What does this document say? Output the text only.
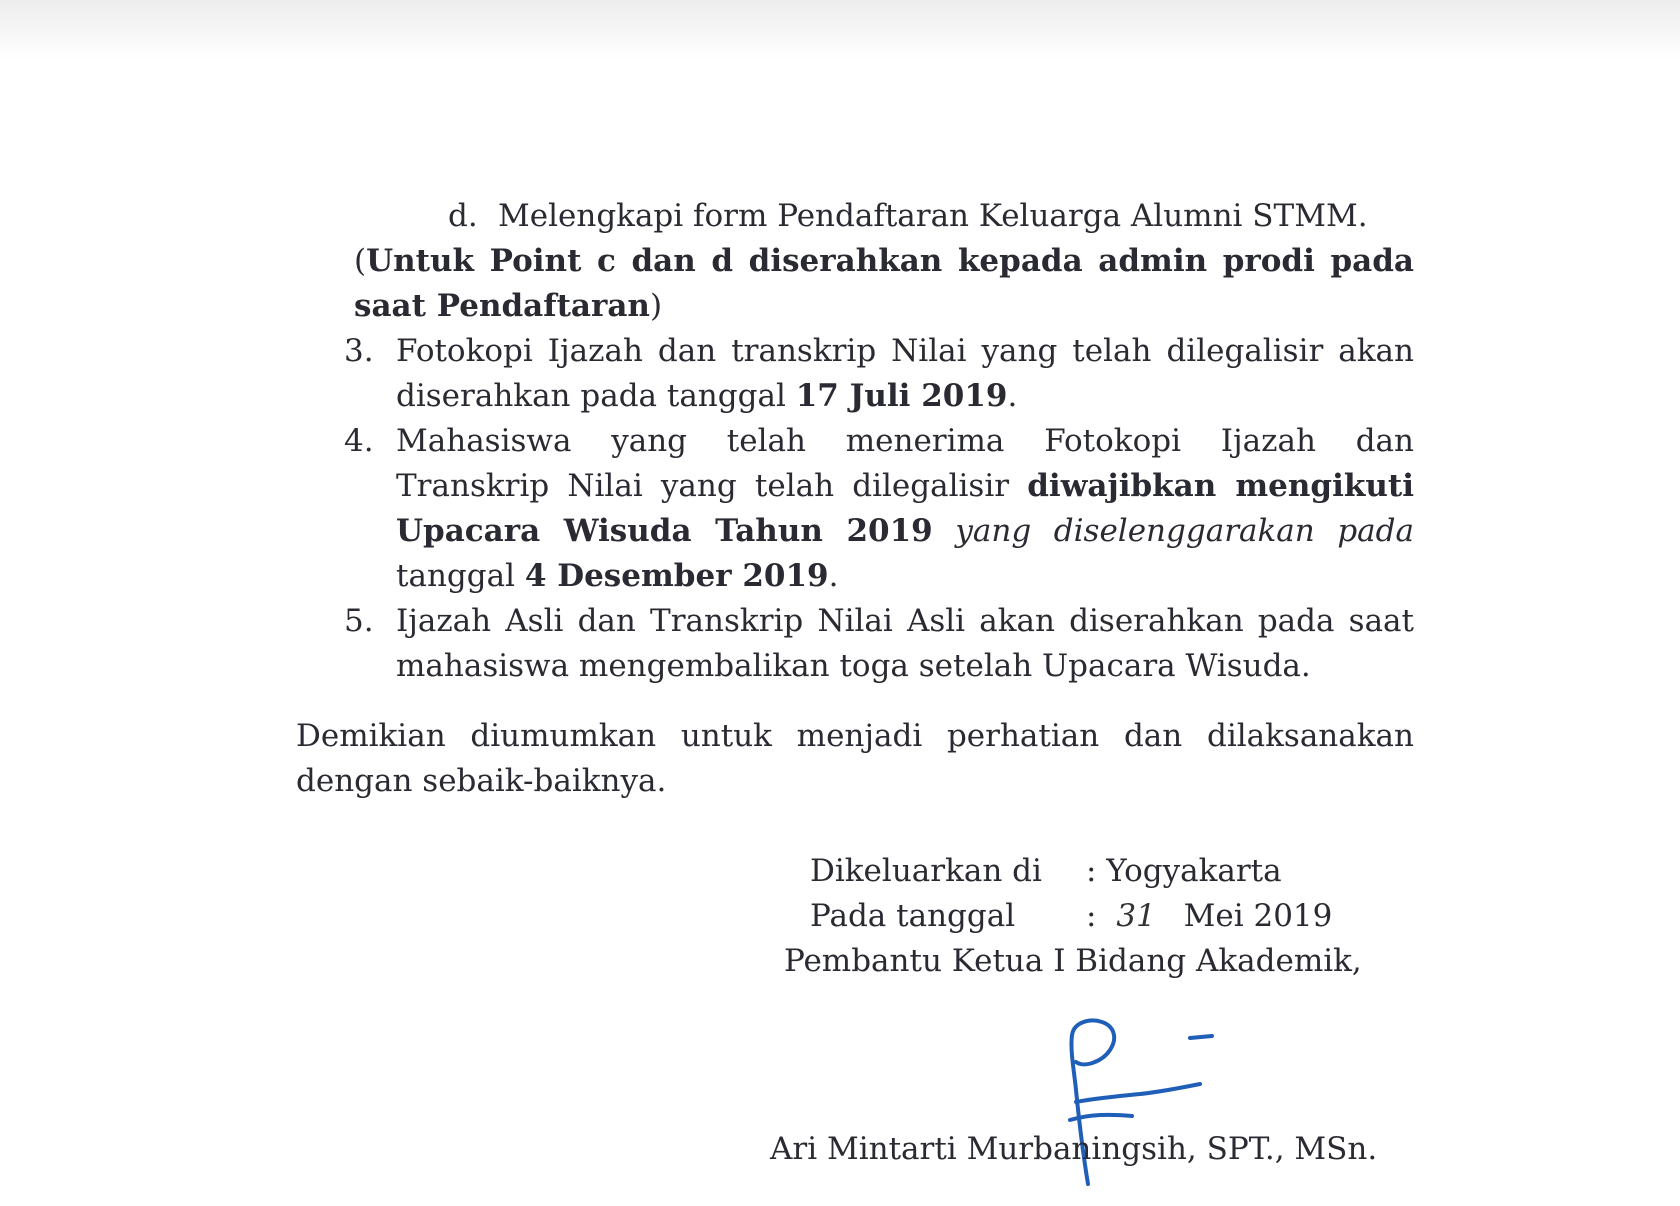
d. Melengkapi form Pendaftaran Keluarga Alumni STMM.
(Untuk Point c dan d diserahkan kepada admin prodi pada
saat Pendaftaran)
3. Fotokopi Ijazah dan transkrip Nilai yang telah dilegalisir akan
diserahkan pada tanggal 17 Juli 2019.
4. Mahasiswa yang telah menerima Fotokopi Ijazah dan
Transkrip Nilai yang telah dilegalisir diwajibkan mengikuti
Upacara Wisuda Tahun 2019 yang diselenggarakan pada
tanggal 4 Desember 2019.
5. Ijazah Asli dan Transkrip Nilai Asli akan diserahkan pada saat
mahasiswa mengembalikan toga setelah Upacara Wisuda.
Demikian diumumkan untuk menjadi perhatian dan dilaksanakan
dengan sebaik-baiknya.
Dikeluarkan di : Yogyakarta
Pada tanggal : 31 Mei 2019
Pembantu Ketua I Bidang Akademik,
Ari Mintarti Murbaningsih, SPT., MSn.
